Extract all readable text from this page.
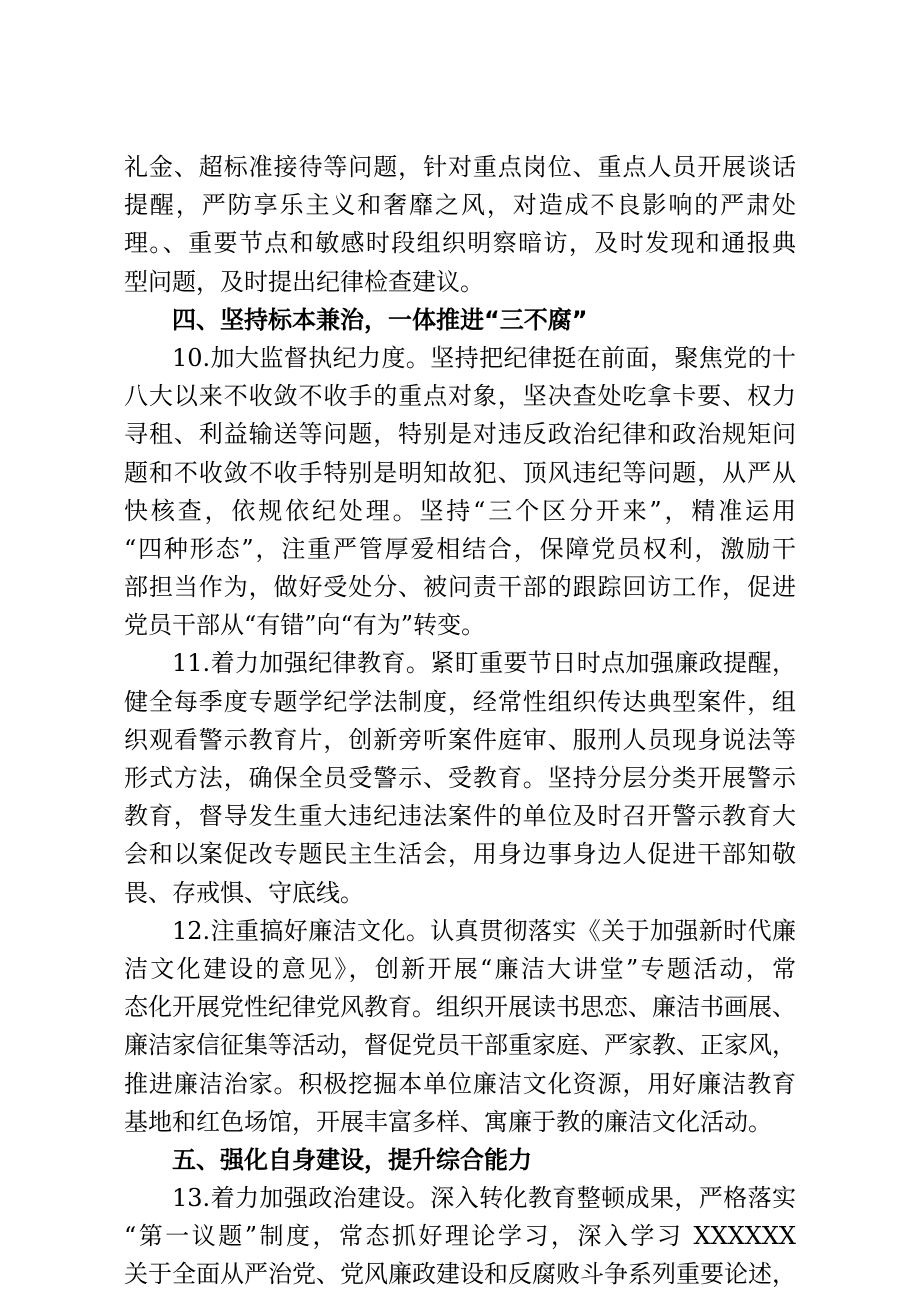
礼金、超标准接待等问题，针对重点岗位、重点人员开展谈话
提醒，严防享乐主义和奢靡之风，对造成不良影响的严肃处
理。、重要节点和敏感时段组织明察暗访，及时发现和通报典
型问题，及时提出纪律检查建议。
四、坚持标本兼治，一体推进“三不腐”
10.加大监督执纪力度。坚持把纪律挺在前面，聚焦党的十
八大以来不收敛不收手的重点对象，坚决查处吃拿卡要、权力
寻租、利益输送等问题，特别是对违反政治纪律和政治规矩问
题和不收敛不收手特别是明知故犯、顶风违纪等问题，从严从
快核查，依规依纪处理。坚持“三个区分开来”，精准运用
“四种形态”，注重严管厚爱相结合，保障党员权利，激励干
部担当作为，做好受处分、被问责干部的跟踪回访工作，促进
党员干部从“有错”向“有为”转变。
11.着力加强纪律教育。紧盯重要节日时点加强廉政提醒，
健全每季度专题学纪学法制度，经常性组织传达典型案件，组
织观看警示教育片，创新旁听案件庭审、服刑人员现身说法等
形式方法，确保全员受警示、受教育。坚持分层分类开展警示
教育，督导发生重大违纪违法案件的单位及时召开警示教育大
会和以案促改专题民主生活会，用身边事身边人促进干部知敬
畏、存戒惧、守底线。
12.注重搞好廉洁文化。认真贯彻落实《关于加强新时代廉
洁文化建设的意见》，创新开展“廉洁大讲堂”专题活动，常
态化开展党性纪律党风教育。组织开展读书思恋、廉洁书画展、
廉洁家信征集等活动，督促党员干部重家庭、严家教、正家风，
推进廉洁治家。积极挖掘本单位廉洁文化资源，用好廉洁教育
基地和红色场馆，开展丰富多样、寓廉于教的廉洁文化活动。
五、强化自身建设，提升综合能力
13.着力加强政治建设。深入转化教育整顿成果，严格落实
“第一议题”制度，常态抓好理论学习，深入学习 XXXXXX
关于全面从严治党、党风廉政建设和反腐败斗争系列重要论述，
